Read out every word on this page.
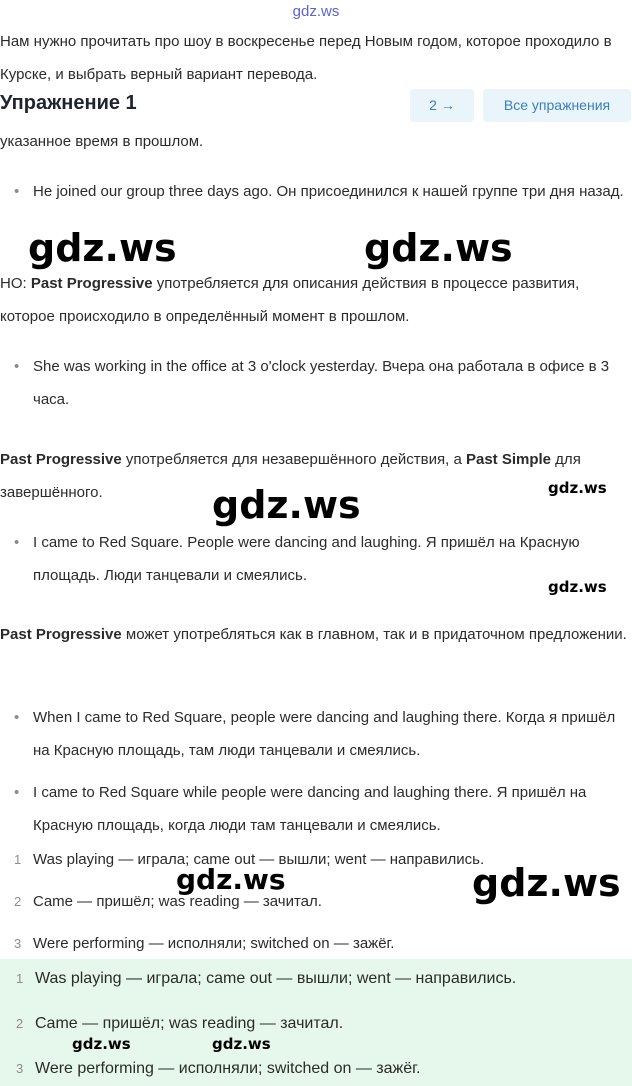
gdz.ws
Нам нужно прочитать про шоу в воскресенье перед Новым годом, которое проходило в Курске, и выбрать верный вариант перевода.
Упражнение 1	2 →	Все упражнения
указанное время в прошлом.
• He joined our group three days ago. Он присоединился к нашей группе три дня назад.
НО: Past Progressive употребляется для описания действия в процессе развития, которое происходило в определённый момент в прошлом.
• She was working in the office at 3 o'clock yesterday. Вчера она работала в офисе в 3 часа.
Past Progressive употребляется для незавершённого действия, а Past Simple для завершённого.
• I came to Red Square. People were dancing and laughing. Я пришёл на Красную площадь. Люди танцевали и смеялись.
Past Progressive может употребляться как в главном, так и в придаточном предложении.
• When I came to Red Square, people were dancing and laughing there. Когда я пришёл на Красную площадь, там люди танцевали и смеялись.
• I came to Red Square while people were dancing and laughing there. Я пришёл на Красную площадь, когда люди там танцевали и смеялись.
1 Was playing — играла; came out — вышли; went — направились.
2 Came — пришёл; was reading — зачитал.
3 Were performing — исполняли; switched on — зажёг.
1 Was playing — играла; came out — вышли; went — направились.
2 Came — пришёл; was reading — зачитал.
3 Were performing — исполняли; switched on — зажёг.
gdz.ws	gdz.ws
gdz.ws	gdz.ws
gdz.ws
gdz.ws	gdz.ws
gdz.ws	gdz.ws
